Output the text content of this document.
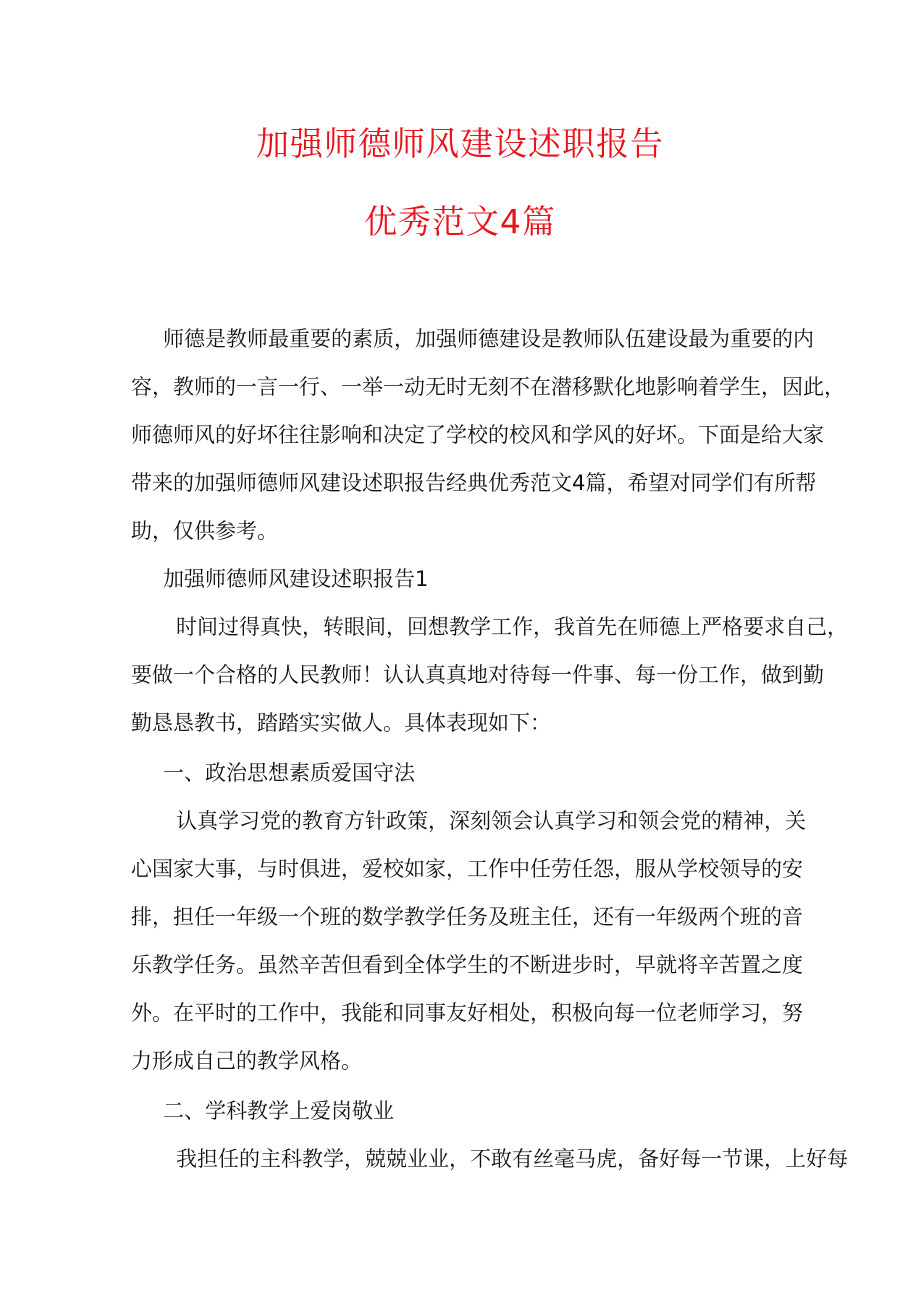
加强师德师风建设述职报告
优秀范文4篇

师德是教师最重要的素质，加强师德建设是教师队伍建设最为重要的内

容，教师的一言一行、一举一动无时无刻不在潜移默化地影响着学生，因此，

师德师风的好坏往往影响和决定了学校的校风和学风的好坏。下面是给大家

带来的加强师德师风建设述职报告经典优秀范文4篇，希望对同学们有所帮

助，仅供参考。

加强师德师风建设述职报告1

时间过得真快，转眼间，回想教学工作，我首先在师德上严格要求自己，

要做一个合格的人民教师！认认真真地对待每一件事、每一份工作，做到勤

勤恳恳教书，踏踏实实做人。具体表现如下：

一、政治思想素质爱国守法

认真学习党的教育方针政策，深刻领会认真学习和领会党的精神，关

心国家大事，与时俱进，爱校如家，工作中任劳任怨，服从学校领导的安

排，担任一年级一个班的数学教学任务及班主任，还有一年级两个班的音

乐教学任务。虽然辛苦但看到全体学生的不断进步时，早就将辛苦置之度

外。在平时的工作中，我能和同事友好相处，积极向每一位老师学习，努

力形成自己的教学风格。

二、学科教学上爱岗敬业

我担任的主科教学，兢兢业业，不敢有丝毫马虎，备好每一节课，上好每
